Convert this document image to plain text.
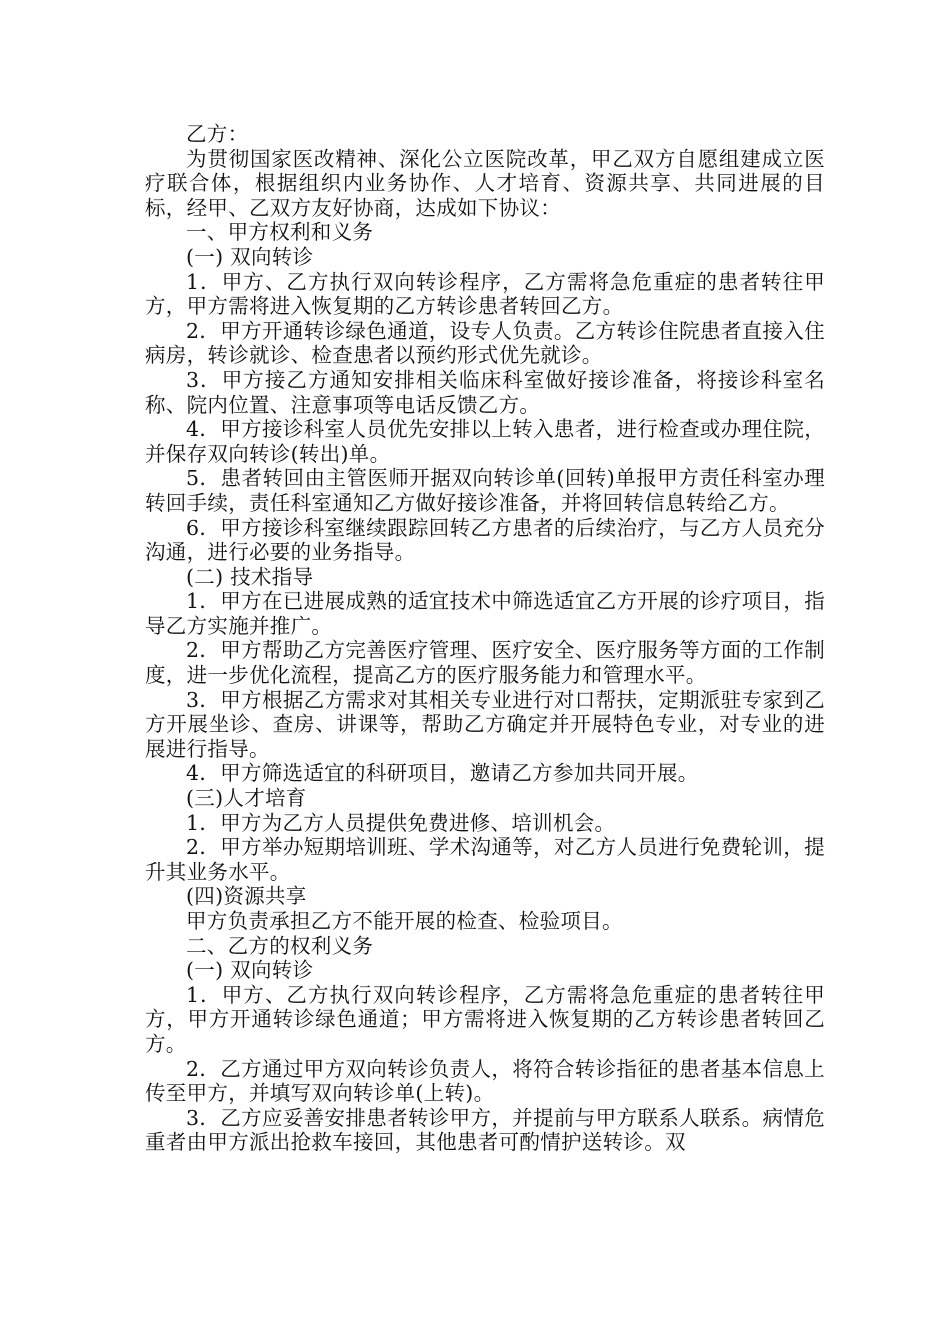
乙方：

为贯彻国家医改精神、深化公立医院改革，甲乙双方自愿组建成立医疗联合体，根据组织内业务协作、人才培育、资源共享、共同进展的目标，经甲、乙双方友好协商，达成如下协议：

一、甲方权利和义务

(一) 双向转诊

1．甲方、乙方执行双向转诊程序，乙方需将急危重症的患者转往甲方，甲方需将进入恢复期的乙方转诊患者转回乙方。

2．甲方开通转诊绿色通道，设专人负责。乙方转诊住院患者直接入住病房，转诊就诊、检查患者以预约形式优先就诊。

3．甲方接乙方通知安排相关临床科室做好接诊准备，将接诊科室名称、院内位置、注意事项等电话反馈乙方。

4．甲方接诊科室人员优先安排以上转入患者，进行检查或办理住院，并保存双向转诊(转出)单。

5．患者转回由主管医师开据双向转诊单(回转)单报甲方责任科室办理转回手续，责任科室通知乙方做好接诊准备，并将回转信息转给乙方。

6．甲方接诊科室继续跟踪回转乙方患者的后续治疗，与乙方人员充分沟通，进行必要的业务指导。

(二) 技术指导

1．甲方在已进展成熟的适宜技术中筛选适宜乙方开展的诊疗项目，指导乙方实施并推广。

2．甲方帮助乙方完善医疗管理、医疗安全、医疗服务等方面的工作制度，进一步优化流程，提高乙方的医疗服务能力和管理水平。

3．甲方根据乙方需求对其相关专业进行对口帮扶，定期派驻专家到乙方开展坐诊、查房、讲课等，帮助乙方确定并开展特色专业，对专业的进展进行指导。

4．甲方筛选适宜的科研项目，邀请乙方参加共同开展。

(三)人才培育

1．甲方为乙方人员提供免费进修、培训机会。

2．甲方举办短期培训班、学术沟通等，对乙方人员进行免费轮训，提升其业务水平。

(四)资源共享

甲方负责承担乙方不能开展的检查、检验项目。

二、乙方的权利义务

(一) 双向转诊

1．甲方、乙方执行双向转诊程序，乙方需将急危重症的患者转往甲方，甲方开通转诊绿色通道；甲方需将进入恢复期的乙方转诊患者转回乙方。

2．乙方通过甲方双向转诊负责人，将符合转诊指征的患者基本信息上传至甲方，并填写双向转诊单(上转)。

3．乙方应妥善安排患者转诊甲方，并提前与甲方联系人联系。病情危重者由甲方派出抢救车接回，其他患者可酌情护送转诊。双
